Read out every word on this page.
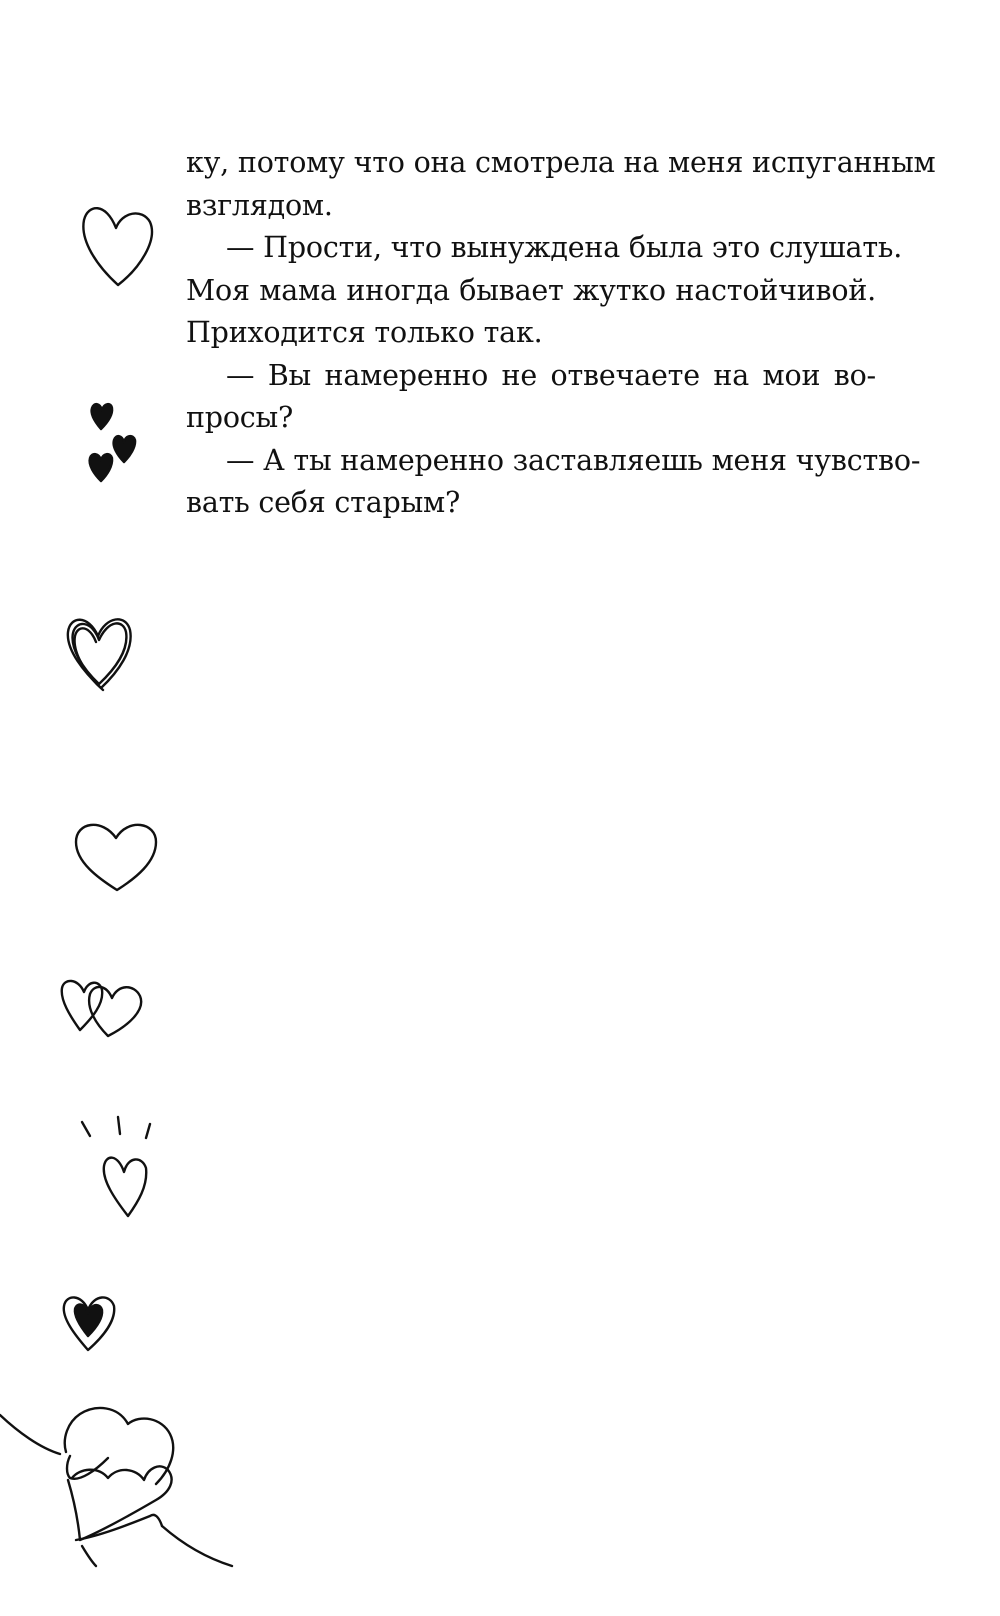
ку, потому что она смотрела на меня испуганным
взглядом.
— Прости, что вынуждена была это слушать.
Моя мама иногда бывает жутко настойчивой.
Приходится только так.
— Вы намеренно не отвечаете на мои во-
просы?
— А ты намеренно заставляешь меня чувство-
вать себя старым?
